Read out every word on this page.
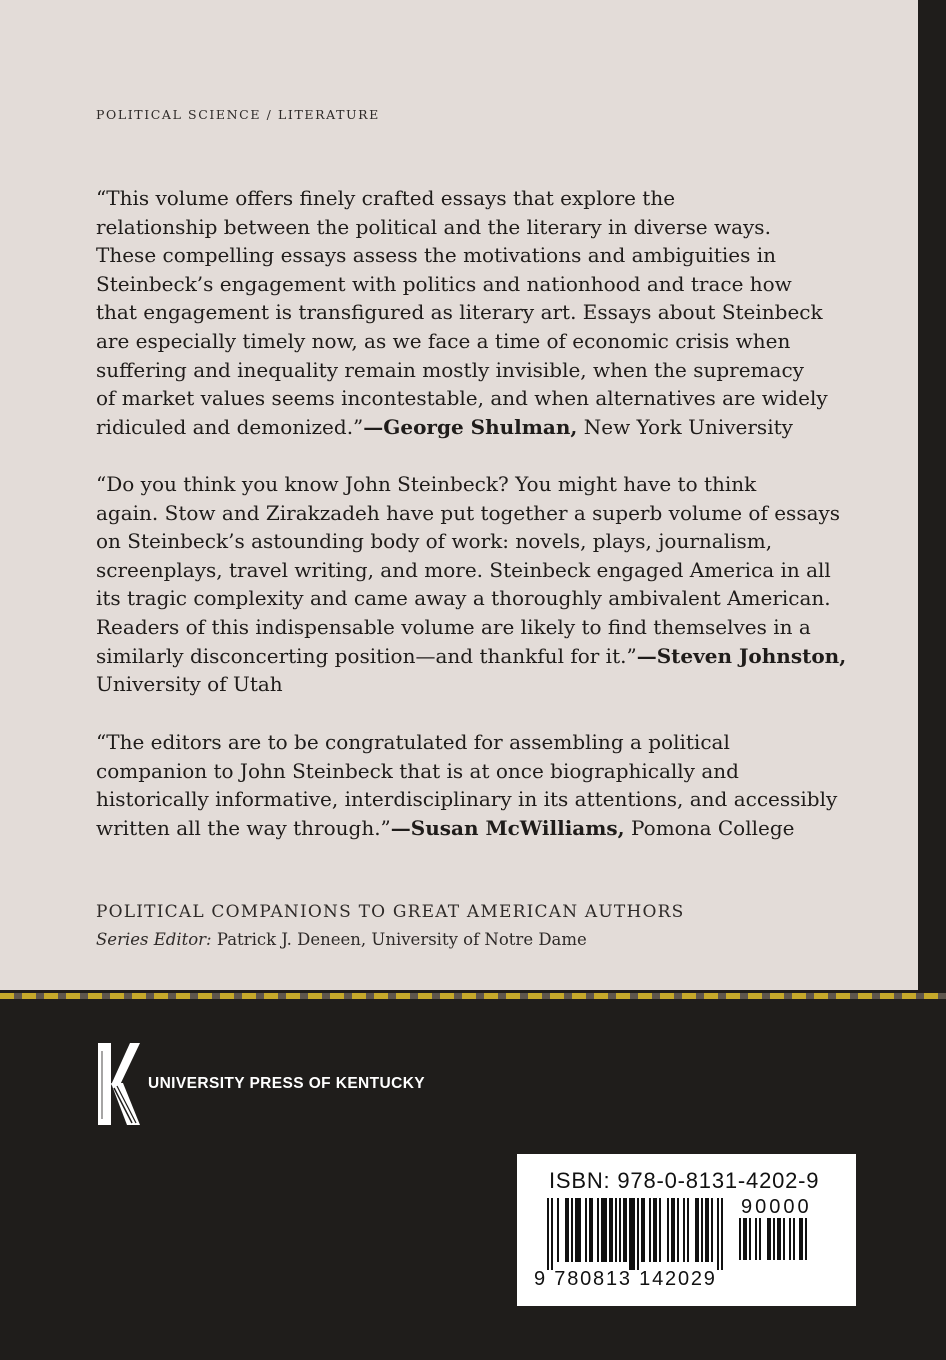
POLITICAL SCIENCE / LITERATURE
“This volume offers finely crafted essays that explore the
relationship between the political and the literary in diverse ways.
These compelling essays assess the motivations and ambiguities in
Steinbeck’s engagement with politics and nationhood and trace how
that engagement is transfigured as literary art. Essays about Steinbeck
are especially timely now, as we face a time of economic crisis when
suffering and inequality remain mostly invisible, when the supremacy
of market values seems incontestable, and when alternatives are widely
ridiculed and demonized.”—George Shulman, New York University
“Do you think you know John Steinbeck? You might have to think
again. Stow and Zirakzadeh have put together a superb volume of essays
on Steinbeck’s astounding body of work: novels, plays, journalism,
screenplays, travel writing, and more. Steinbeck engaged America in all
its tragic complexity and came away a thoroughly ambivalent American.
Readers of this indispensable volume are likely to find themselves in a
similarly disconcerting position—and thankful for it.”—Steven Johnston,
University of Utah
“The editors are to be congratulated for assembling a political
companion to John Steinbeck that is at once biographically and
historically informative, interdisciplinary in its attentions, and accessibly
written all the way through.”—Susan McWilliams, Pomona College
POLITICAL COMPANIONS TO GREAT AMERICAN AUTHORS
Series Editor: Patrick J. Deneen, University of Notre Dame
UNIVERSITY PRESS OF KENTUCKY
ISBN: 978-0-8131-4202-9
90000
9 780813 142029
